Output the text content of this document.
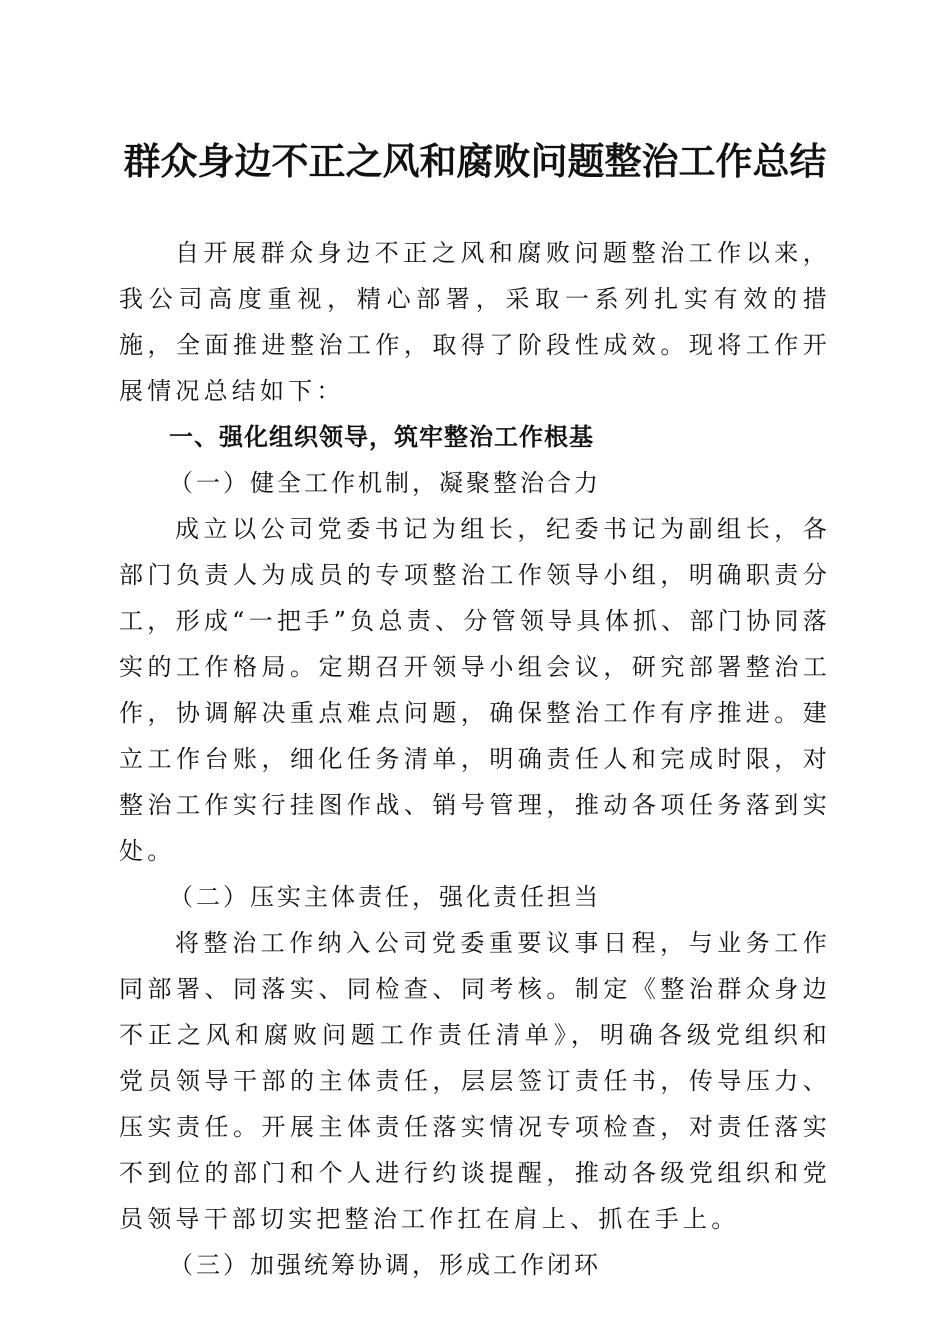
群众身边不正之风和腐败问题整治工作总结

自开展群众身边不正之风和腐败问题整治工作以来，我公司高度重视，精心部署，采取一系列扎实有效的措施，全面推进整治工作，取得了阶段性成效。现将工作开展情况总结如下：

一、强化组织领导，筑牢整治工作根基

（一）健全工作机制，凝聚整治合力

成立以公司党委书记为组长，纪委书记为副组长，各部门负责人为成员的专项整治工作领导小组，明确职责分工，形成“一把手”负总责、分管领导具体抓、部门协同落实的工作格局。定期召开领导小组会议，研究部署整治工作，协调解决重点难点问题，确保整治工作有序推进。建立工作台账，细化任务清单，明确责任人和完成时限，对整治工作实行挂图作战、销号管理，推动各项任务落到实处。

（二）压实主体责任，强化责任担当

将整治工作纳入公司党委重要议事日程，与业务工作同部署、同落实、同检查、同考核。制定《整治群众身边不正之风和腐败问题工作责任清单》，明确各级党组织和党员领导干部的主体责任，层层签订责任书，传导压力、压实责任。开展主体责任落实情况专项检查，对责任落实不到位的部门和个人进行约谈提醒，推动各级党组织和党员领导干部切实把整治工作扛在肩上、抓在手上。

（三）加强统筹协调，形成工作闭环
